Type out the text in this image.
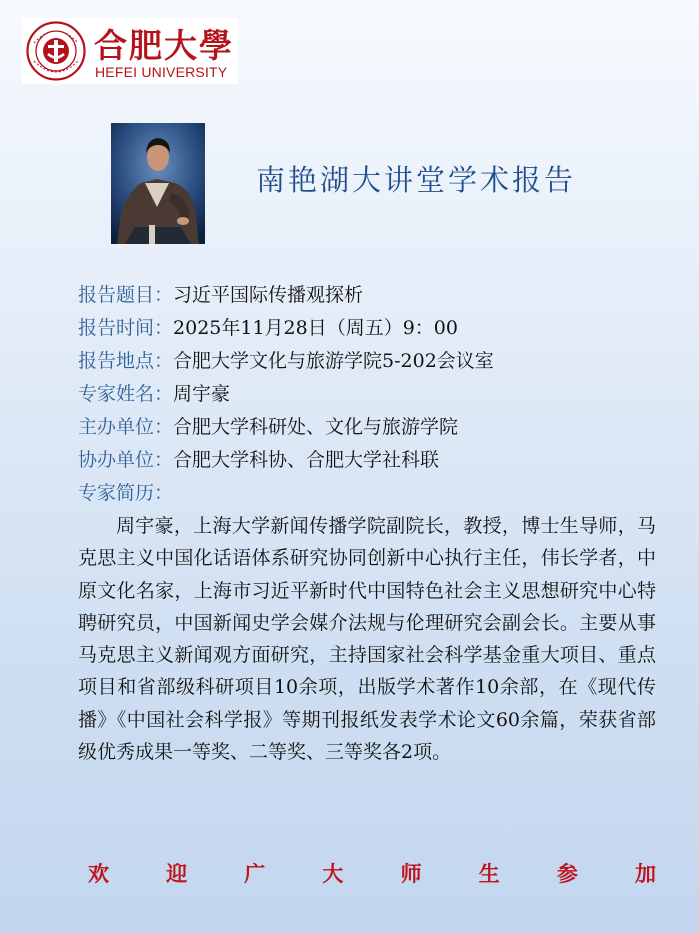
合肥大學
HEFEI UNIVERSITY
南艳湖大讲堂学术报告
报告题目：习近平国际传播观探析
报告时间：2025年11月28日（周五）9：00
报告地点：合肥大学文化与旅游学院5-202会议室
专家姓名：周宇豪
主办单位：合肥大学科研处、文化与旅游学院
协办单位：合肥大学科协、合肥大学社科联
专家简历：
周宇豪，上海大学新闻传播学院副院长，教授，博士生导师，马克思主义中国化话语体系研究协同创新中心执行主任，伟长学者，中原文化名家，上海市习近平新时代中国特色社会主义思想研究中心特聘研究员，中国新闻史学会媒介法规与伦理研究会副会长。主要从事马克思主义新闻观方面研究，主持国家社会科学基金重大项目、重点项目和省部级科研项目10余项，出版学术著作10余部，在《现代传播》《中国社会科学报》等期刊报纸发表学术论文60余篇，荣获省部级优秀成果一等奖、二等奖、三等奖各2项。
欢	迎	广	大	师	生	参	加
